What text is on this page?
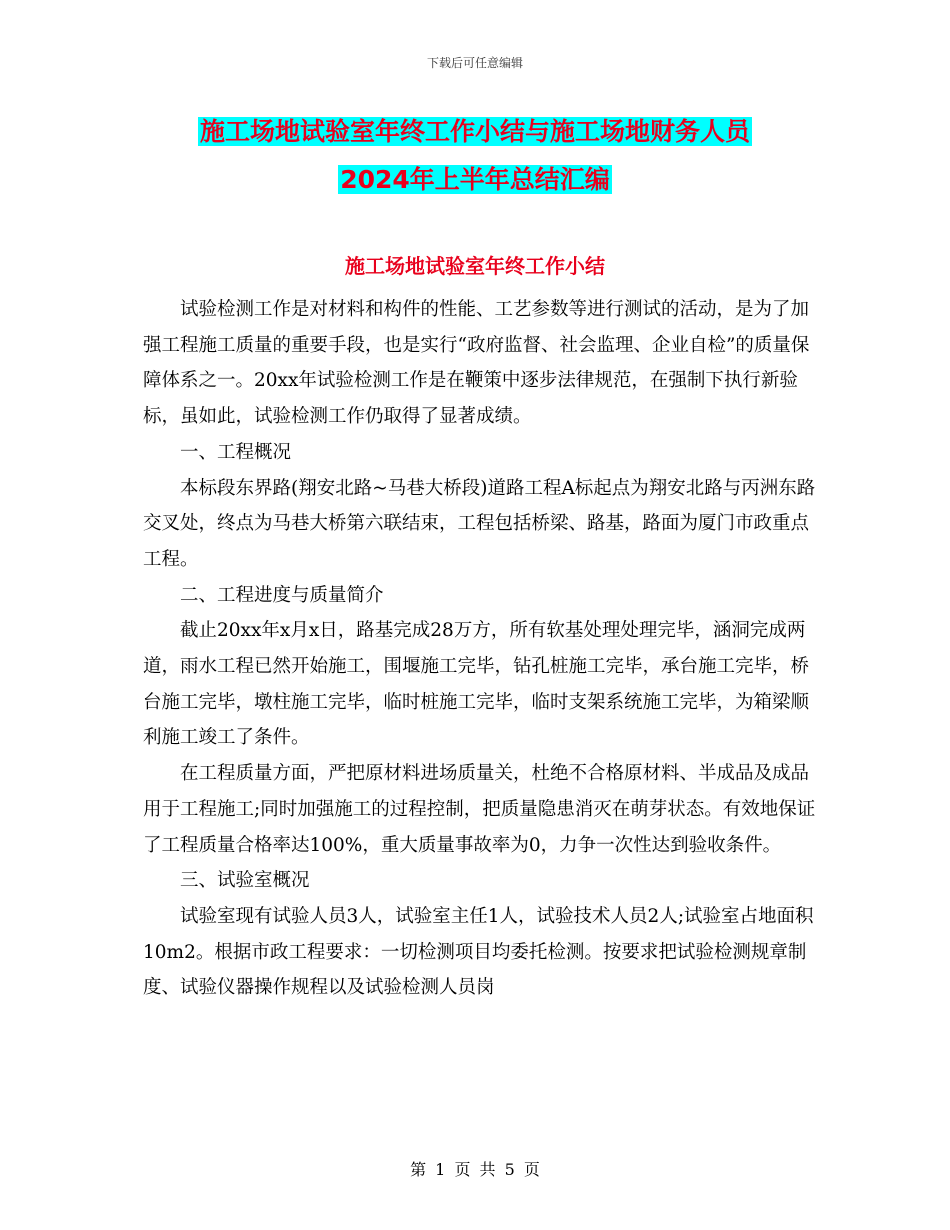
下载后可任意编辑
施工场地试验室年终工作小结与施工场地财务人员
2024年上半年总结汇编
施工场地试验室年终工作小结

试验检测工作是对材料和构件的性能、工艺参数等进行测试的活动，是为了加强工程施工质量的重要手段，也是实行“政府监督、社会监理、企业自检”的质量保障体系之一。20xx年试验检测工作是在鞭策中逐步法律规范，在强制下执行新验标，虽如此，试验检测工作仍取得了显著成绩。

一、工程概况

本标段东界路(翔安北路~马巷大桥段)道路工程A标起点为翔安北路与丙洲东路交叉处，终点为马巷大桥第六联结束，工程包括桥梁、路基，路面为厦门市政重点工程。

二、工程进度与质量简介

截止20xx年x月x日，路基完成28万方，所有软基处理处理完毕，涵洞完成两道，雨水工程已然开始施工，围堰施工完毕，钻孔桩施工完毕，承台施工完毕，桥台施工完毕，墩柱施工完毕，临时桩施工完毕，临时支架系统施工完毕，为箱梁顺利施工竣工了条件。

在工程质量方面，严把原材料进场质量关，杜绝不合格原材料、半成品及成品用于工程施工;同时加强施工的过程控制，把质量隐患消灭在萌芽状态。有效地保证了工程质量合格率达100%，重大质量事故率为0，力争一次性达到验收条件。

三、试验室概况

试验室现有试验人员3人，试验室主任1人，试验技术人员2人;试验室占地面积10m2。根据市政工程要求：一切检测项目均委托检测。按要求把试验检测规章制度、试验仪器操作规程以及试验检测人员岗

第 1 页 共 5 页
